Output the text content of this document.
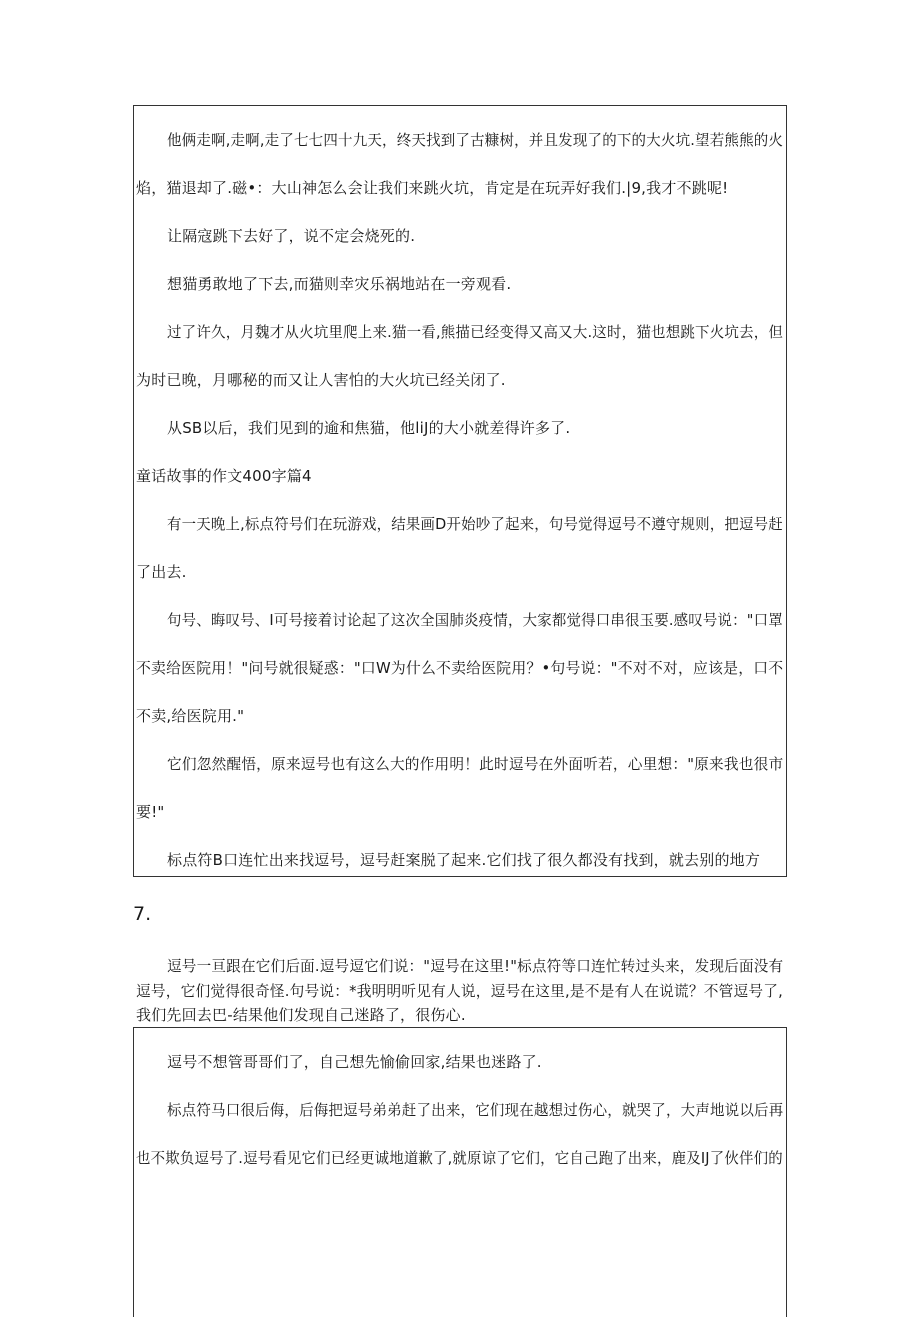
他俩走啊,走啊,走了七七四十九天，终天找到了古糠树，并且发现了的下的大火坑.望若熊熊的火
焰，猫退却了.磁•：大山神怎么会让我们来跳火坑，肯定是在玩弄好我们.|9,我才不跳呢!
让隔寇跳下去好了，说不定会烧死的.
想猫勇敢地了下去,而猫则幸灾乐祸地站在一旁观看.
过了许久，月魏才从火坑里爬上来.猫一看,熊描已经变得又高又大.这时，猫也想跳下火坑去，但
为时已晚，月哪秘的而又让人害怕的大火坑已经关闭了.
从SB以后，我们见到的逾和焦猫，他liJ的大小就差得许多了.
童话故事的作文400字篇4
有一天晚上,标点符号们在玩游戏，结果画D开始吵了起来，句号觉得逗号不遵守规则，把逗号赶
了出去.
句号、晦叹号、I可号接着讨论起了这次全国肺炎疫情，大家都觉得口串很玉要.感叹号说："口罩
不卖给医院用！"问号就很疑惑："口W为什么不卖给医院用？•句号说："不对不对，应该是，口不
不卖,给医院用."
它们忽然醒悟，原来逗号也有这么大的作用明！此时逗号在外面听若，心里想："原来我也很市
要!"
标点符B口连忙出来找逗号，逗号赶案脱了起来.它们找了很久都没有找到，就去别的地方
7.
逗号一亘跟在它们后面.逗号逗它们说："逗号在这里!"标点符等口连忙转过头来，发现后面没有
逗号，它们觉得很奇怪.句号说：*我明明听见有人说，逗号在这里,是不是有人在说谎？不管逗号了,
我们先回去巴-结果他们发现自己迷路了，很伤心.
逗号不想管哥哥们了，自己想先愉偷回家,结果也迷路了.
标点符马口很后侮，后侮把逗号弟弟赶了出来，它们现在越想过伤心，就哭了，大声地说以后再
也不欺负逗号了.逗号看见它们已经更诚地道歉了,就原谅了它们，它自己跑了出来，鹿及IJ了伙伴们的
